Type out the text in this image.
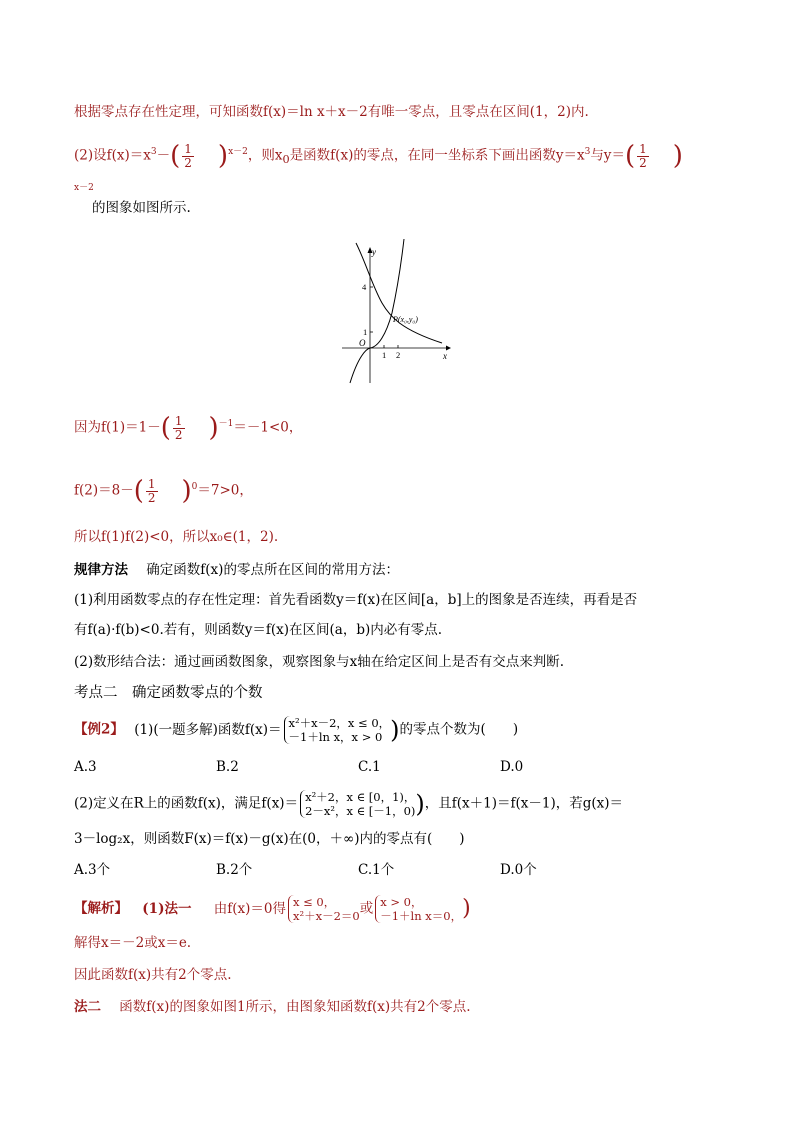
根据零点存在性定理，可知函数f(x)＝ln x＋x－2有唯一零点，且零点在区间(1，2)内.
(2)设$f(x)=x^3-( \frac{1}{2} )^{x-2}$，则$x_0$是函数f(x)的零点，在同一坐标系下画出函数$y=x^3$与$y=( \frac{1}{2}$ )
x－2
的图象如图所示.
y
x
O
4
1
1 2
P(x₀,y₀)
因为$f(1)=1-( \frac{1}{2} )^{-1}=-1<0$，
$f(2)=8-( \frac{1}{2} )^0=7>0$，
所以f(1)f(2)<0，所以x₀∈(1，2).
规律方法 确定函数f(x)的零点所在区间的常用方法：
(1)利用函数零点的存在性定理：首先看函数y＝f(x)在区间[a，b]上的图象是否连续，再看是否
有f(a)·f(b)<0.若有，则函数y＝f(x)在区间(a，b)内必有零点.
(2)数形结合法：通过画函数图象，观察图象与x轴在给定区间上是否有交点来判断.
考点二　确定函数零点的个数
【例2】 (1)(一题多解)函数f(x)＝ x²＋x－2，x ≤ 0，
－1＋ln x，x > 0 )的零点个数为(　　)
A.3	B.2	C.1	D.0
(2)定义在R上的函数f(x)，满足f(x)＝ x²＋2，x ∈ [0，1)，
2－x²，x ∈ [－1，0) )，且f(x＋1)＝f(x－1)，若g(x)＝
3－log₂x，则函数F(x)＝f(x)－g(x)在(0，＋∞)内的零点有(　　)
A.3个	B.2个	C.1个	D.0个
【解析】 (1)法一 由f(x)＝0得 x ≤ 0，
x²＋x－2＝0 或 x > 0，
－1＋ln x＝0， )
解得x＝－2或x＝e.
因此函数f(x)共有2个零点.
法二 函数f(x)的图象如图1所示，由图象知函数f(x)共有2个零点.
